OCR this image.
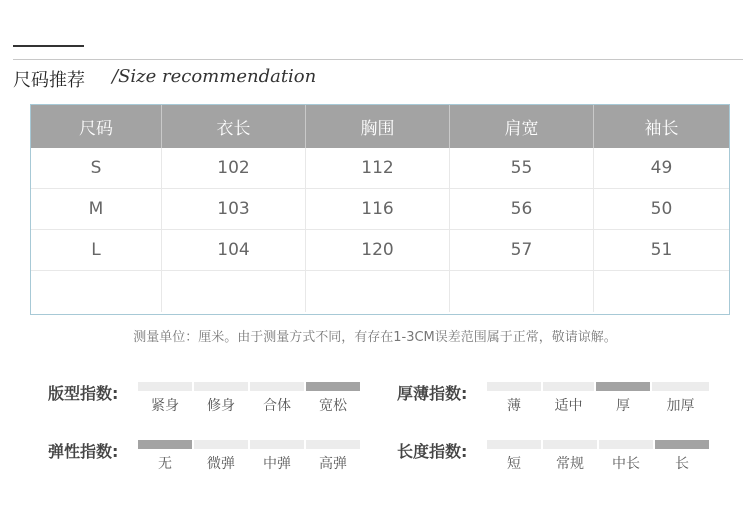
尺码推荐 /Size recommendation
尺码	衣长	胸围	肩宽	袖长
S	102	112	55	49
M	103	116	56	50
L	104	120	57	51
测量单位：厘米。由于测量方式不同，有存在1-3CM误差范围属于正常，敬请谅解。
版型指数:
紧身	修身	合体	宽松
厚薄指数:
薄	适中	厚	加厚
弹性指数:
无	微弹	中弹	高弹
长度指数:
短	常规	中长	长
